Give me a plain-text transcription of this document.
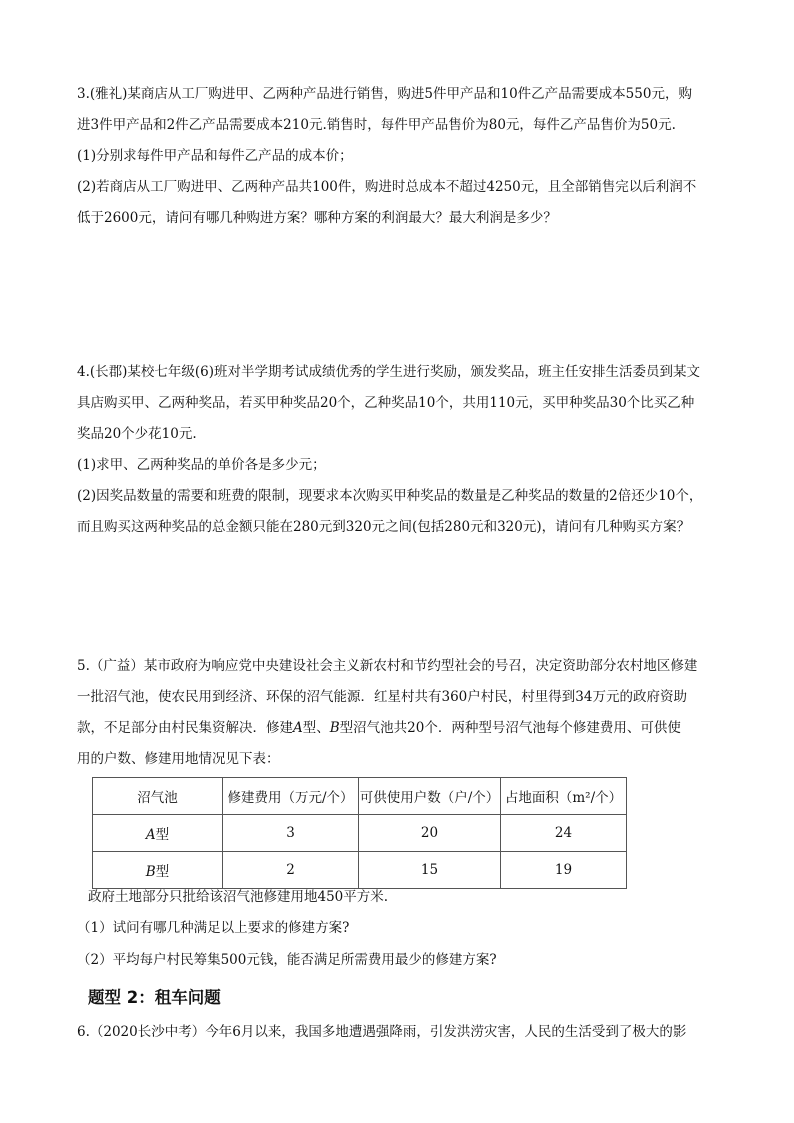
3.(雅礼)某商店从工厂购进甲、乙两种产品进行销售，购进5件甲产品和10件乙产品需要成本550元，购
进3件甲产品和2件乙产品需要成本210元.销售时，每件甲产品售价为80元，每件乙产品售价为50元.
(1)分别求每件甲产品和每件乙产品的成本价；
(2)若商店从工厂购进甲、乙两种产品共100件，购进时总成本不超过4250元，且全部销售完以后利润不
低于2600元，请问有哪几种购进方案？哪种方案的利润最大？最大利润是多少？
4.(长郡)某校七年级(6)班对半学期考试成绩优秀的学生进行奖励，颁发奖品，班主任安排生活委员到某文
具店购买甲、乙两种奖品，若买甲种奖品20个，乙种奖品10个，共用110元，买甲种奖品30个比买乙种
奖品20个少花10元.
(1)求甲、乙两种奖品的单价各是多少元；
(2)因奖品数量的需要和班费的限制，现要求本次购买甲种奖品的数量是乙种奖品的数量的2倍还少10个，
而且购买这两种奖品的总金额只能在280元到320元之间(包括280元和320元)，请问有几种购买方案？
5.（广益）某市政府为响应党中央建设社会主义新农村和节约型社会的号召，决定资助部分农村地区修建
一批沼气池，使农民用到经济、环保的沼气能源．红星村共有360户村民，村里得到34万元的政府资助
款，不足部分由村民集资解决．修建A型、B型沼气池共20个．两种型号沼气池每个修建费用、可供使
用的户数、修建用地情况见下表：
沼气池	修建费用（万元/个）	可供使用户数（户/个）	占地面积（m²/个）
A型	3	20	24
B型	2	15	19
政府土地部分只批给该沼气池修建用地450平方米.
（1）试问有哪几种满足以上要求的修建方案?
（2）平均每户村民筹集500元钱，能否满足所需费用最少的修建方案?
题型 2：租车问题
6.（2020长沙中考）今年6月以来，我国多地遭遇强降雨，引发洪涝灾害，人民的生活受到了极大的影
